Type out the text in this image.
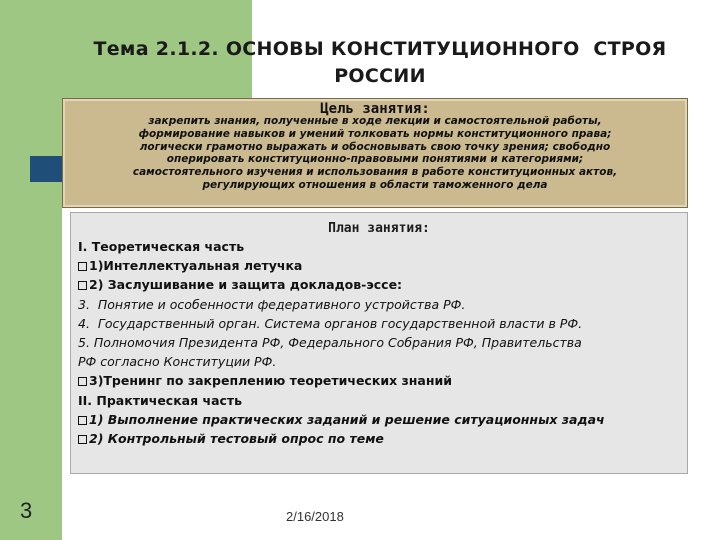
Тема 2.1.2. ОСНОВЫ КОНСТИТУЦИОННОГО  СТРОЯ
РОССИИ
Цель занятия:
закрепить знания, полученные в ходе лекции и самостоятельной работы,
формирование навыков и умений толковать нормы конституционного права;
логически грамотно выражать и обосновывать свою точку зрения; свободно
оперировать конституционно-правовыми понятиями и категориями;
самостоятельного изучения и использования в работе конституционных актов,
регулирующих отношения в области таможенного дела
План занятия:
I. Теоретическая часть
1)Интеллектуальная летучка
2) Заслушивание и защита докладов-эссе:
3.  Понятие и особенности федеративного устройства РФ.
4.  Государственный орган. Система органов государственной власти в РФ.
5. Полномочия Президента РФ, Федерального Собрания РФ, Правительства
РФ согласно Конституции РФ.
3)Тренинг по закреплению теоретических знаний
II. Практическая часть
1) Выполнение практических заданий и решение ситуационных задач
2) Контрольный тестовый опрос по теме
3	2/16/2018
